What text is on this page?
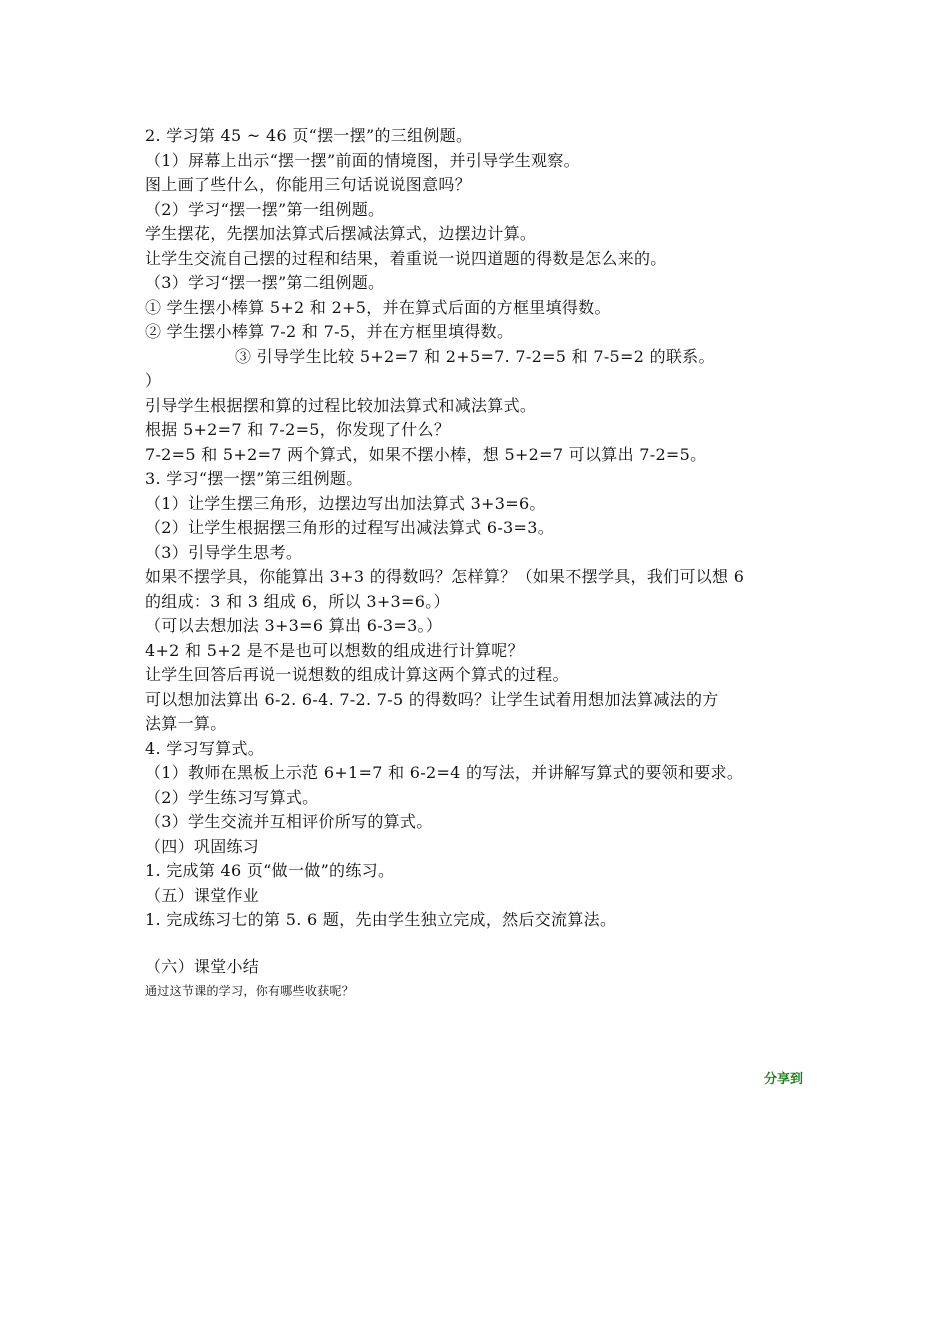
2. 学习第 45 ~ 46 页“摆一摆”的三组例题。
（1）屏幕上出示“摆一摆”前面的情境图，并引导学生观察。
图上画了些什么，你能用三句话说说图意吗？
（2）学习“摆一摆”第一组例题。
学生摆花，先摆加法算式后摆减法算式，边摆边计算。
让学生交流自己摆的过程和结果，着重说一说四道题的得数是怎么来的。
（3）学习“摆一摆”第二组例题。
① 学生摆小棒算 5+2 和 2+5，并在算式后面的方框里填得数。
② 学生摆小棒算 7-2 和 7-5，并在方框里填得数。
③ 引导学生比较 5+2=7 和 2+5=7. 7-2=5 和 7-5=2 的联系。
）
引导学生根据摆和算的过程比较加法算式和减法算式。
根据 5+2=7 和 7-2=5，你发现了什么？
7-2=5 和 5+2=7 两个算式，如果不摆小棒，想 5+2=7 可以算出 7-2=5。
3. 学习“摆一摆”第三组例题。
（1）让学生摆三角形，边摆边写出加法算式 3+3=6。
（2）让学生根据摆三角形的过程写出减法算式 6-3=3。
（3）引导学生思考。
如果不摆学具，你能算出 3+3 的得数吗？怎样算？（如果不摆学具，我们可以想 6
的组成：3 和 3 组成 6，所以 3+3=6。）
（可以去想加法 3+3=6 算出 6-3=3。）
4+2 和 5+2 是不是也可以想数的组成进行计算呢？
让学生回答后再说一说想数的组成计算这两个算式的过程。
可以想加法算出 6-2. 6-4. 7-2. 7-5 的得数吗？让学生试着用想加法算减法的方
法算一算。
4. 学习写算式。
（1）教师在黑板上示范 6+1=7 和 6-2=4 的写法，并讲解写算式的要领和要求。
（2）学生练习写算式。
（3）学生交流并互相评价所写的算式。
（四）巩固练习
1. 完成第 46 页“做一做”的练习。
（五）课堂作业
1. 完成练习七的第 5. 6 题，先由学生独立完成，然后交流算法。
（六）课堂小结
通过这节课的学习，你有哪些收获呢？
分享到
